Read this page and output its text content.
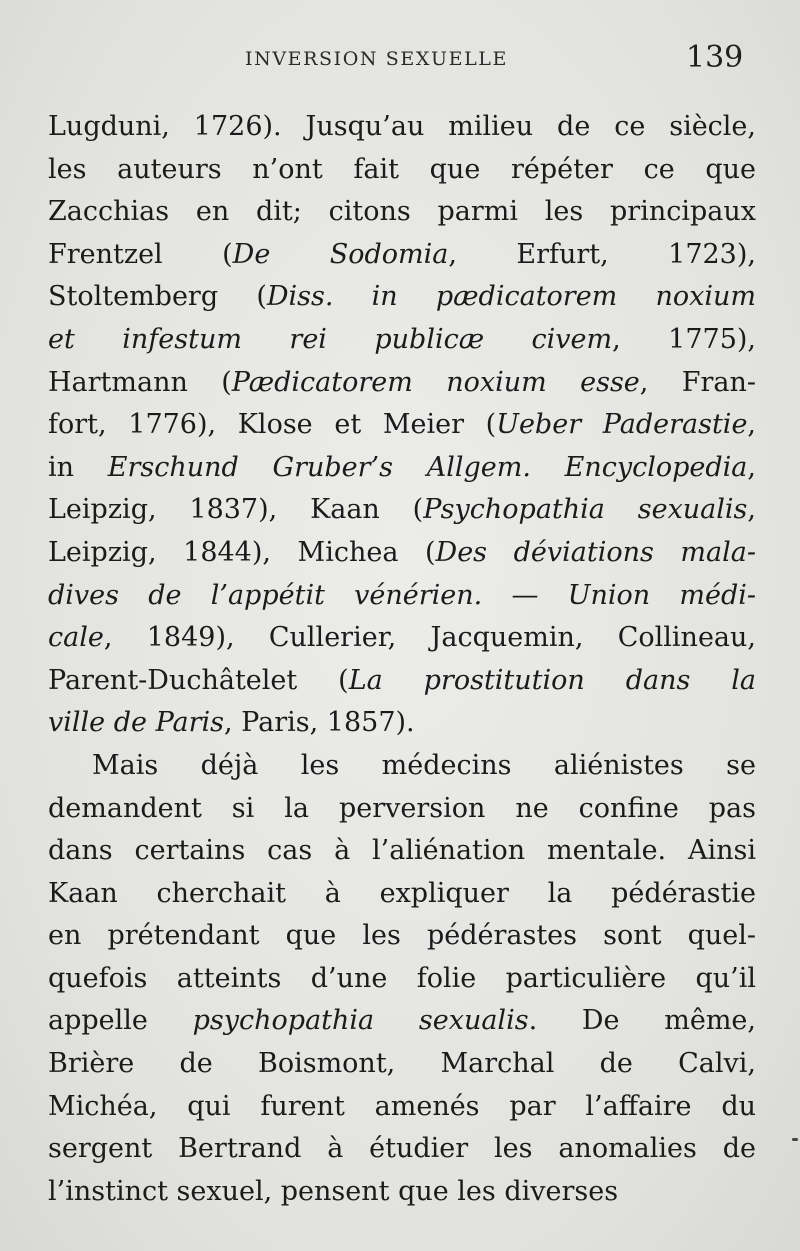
INVERSION SEXUELLE	139
Lugduni, 1726). Jusqu’au milieu de ce siècle,
les auteurs n’ont fait que répéter ce que
Zacchias en dit; citons parmi les principaux
Frentzel (De Sodomia, Erfurt, 1723),
Stoltemberg (Diss. in pædicatorem noxium
et infestum rei publicæ civem, 1775),
Hartmann (Pædicatorem noxium esse, Fran-
fort, 1776), Klose et Meier (Ueber Paderastie,
in Erschund Gruber’s Allgem. Encyclopedia,
Leipzig, 1837), Kaan (Psychopathia sexualis,
Leipzig, 1844), Michea (Des déviations mala-
dives de l’appétit vénérien. — Union médi-
cale, 1849), Cullerier, Jacquemin, Collineau,
Parent-Duchâtelet (La prostitution dans la
ville de Paris, Paris, 1857).
Mais déjà les médecins aliénistes se
demandent si la perversion ne confine pas
dans certains cas à l’aliénation mentale. Ainsi
Kaan cherchait à expliquer la pédérastie
en prétendant que les pédérastes sont quel-
quefois atteints d’une folie particulière qu’il
appelle psychopathia sexualis. De même,
Brière de Boismont, Marchal de Calvi,
Michéa, qui furent amenés par l’affaire du
sergent Bertrand à étudier les anomalies de
l’instinct sexuel, pensent que les diverses
